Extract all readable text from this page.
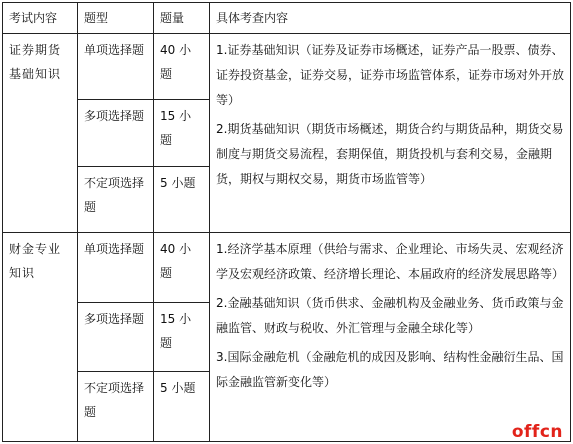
考试内容	题型	题量	具体考查内容

证券期货
基础知识	单项选择题	40 小题	1.证券基础知识（证券及证券市场概述，证券产品一股票、债券、证券投资基金，证券交易，证券市场监管体系，证券市场对外开放等）
2.期货基础知识（期货市场概述，期货合约与期货品种，期货交易制度与期货交易流程，套期保值，期货投机与套利交易，金融期货，期权与期权交易，期货市场监管等）

	多项选择题	15 小题	

	不定项选择
题	5 小题	

财金专业
知识	单项选择题	40 小题	1.经济学基本原理（供给与需求、企业理论、市场失灵、宏观经济学及宏观经济政策、经济增长理论、本届政府的经济发展思路等）
2.金融基础知识（货币供求、金融机构及金融业务、货币政策与金融监管、财政与税收、外汇管理与金融全球化等）
3.国际金融危机（金融危机的成因及影响、结构性金融衍生品、国际金融监管新变化等）

	多项选择题	15 小题	

	不定项选择
题	5 小题	
offcn
